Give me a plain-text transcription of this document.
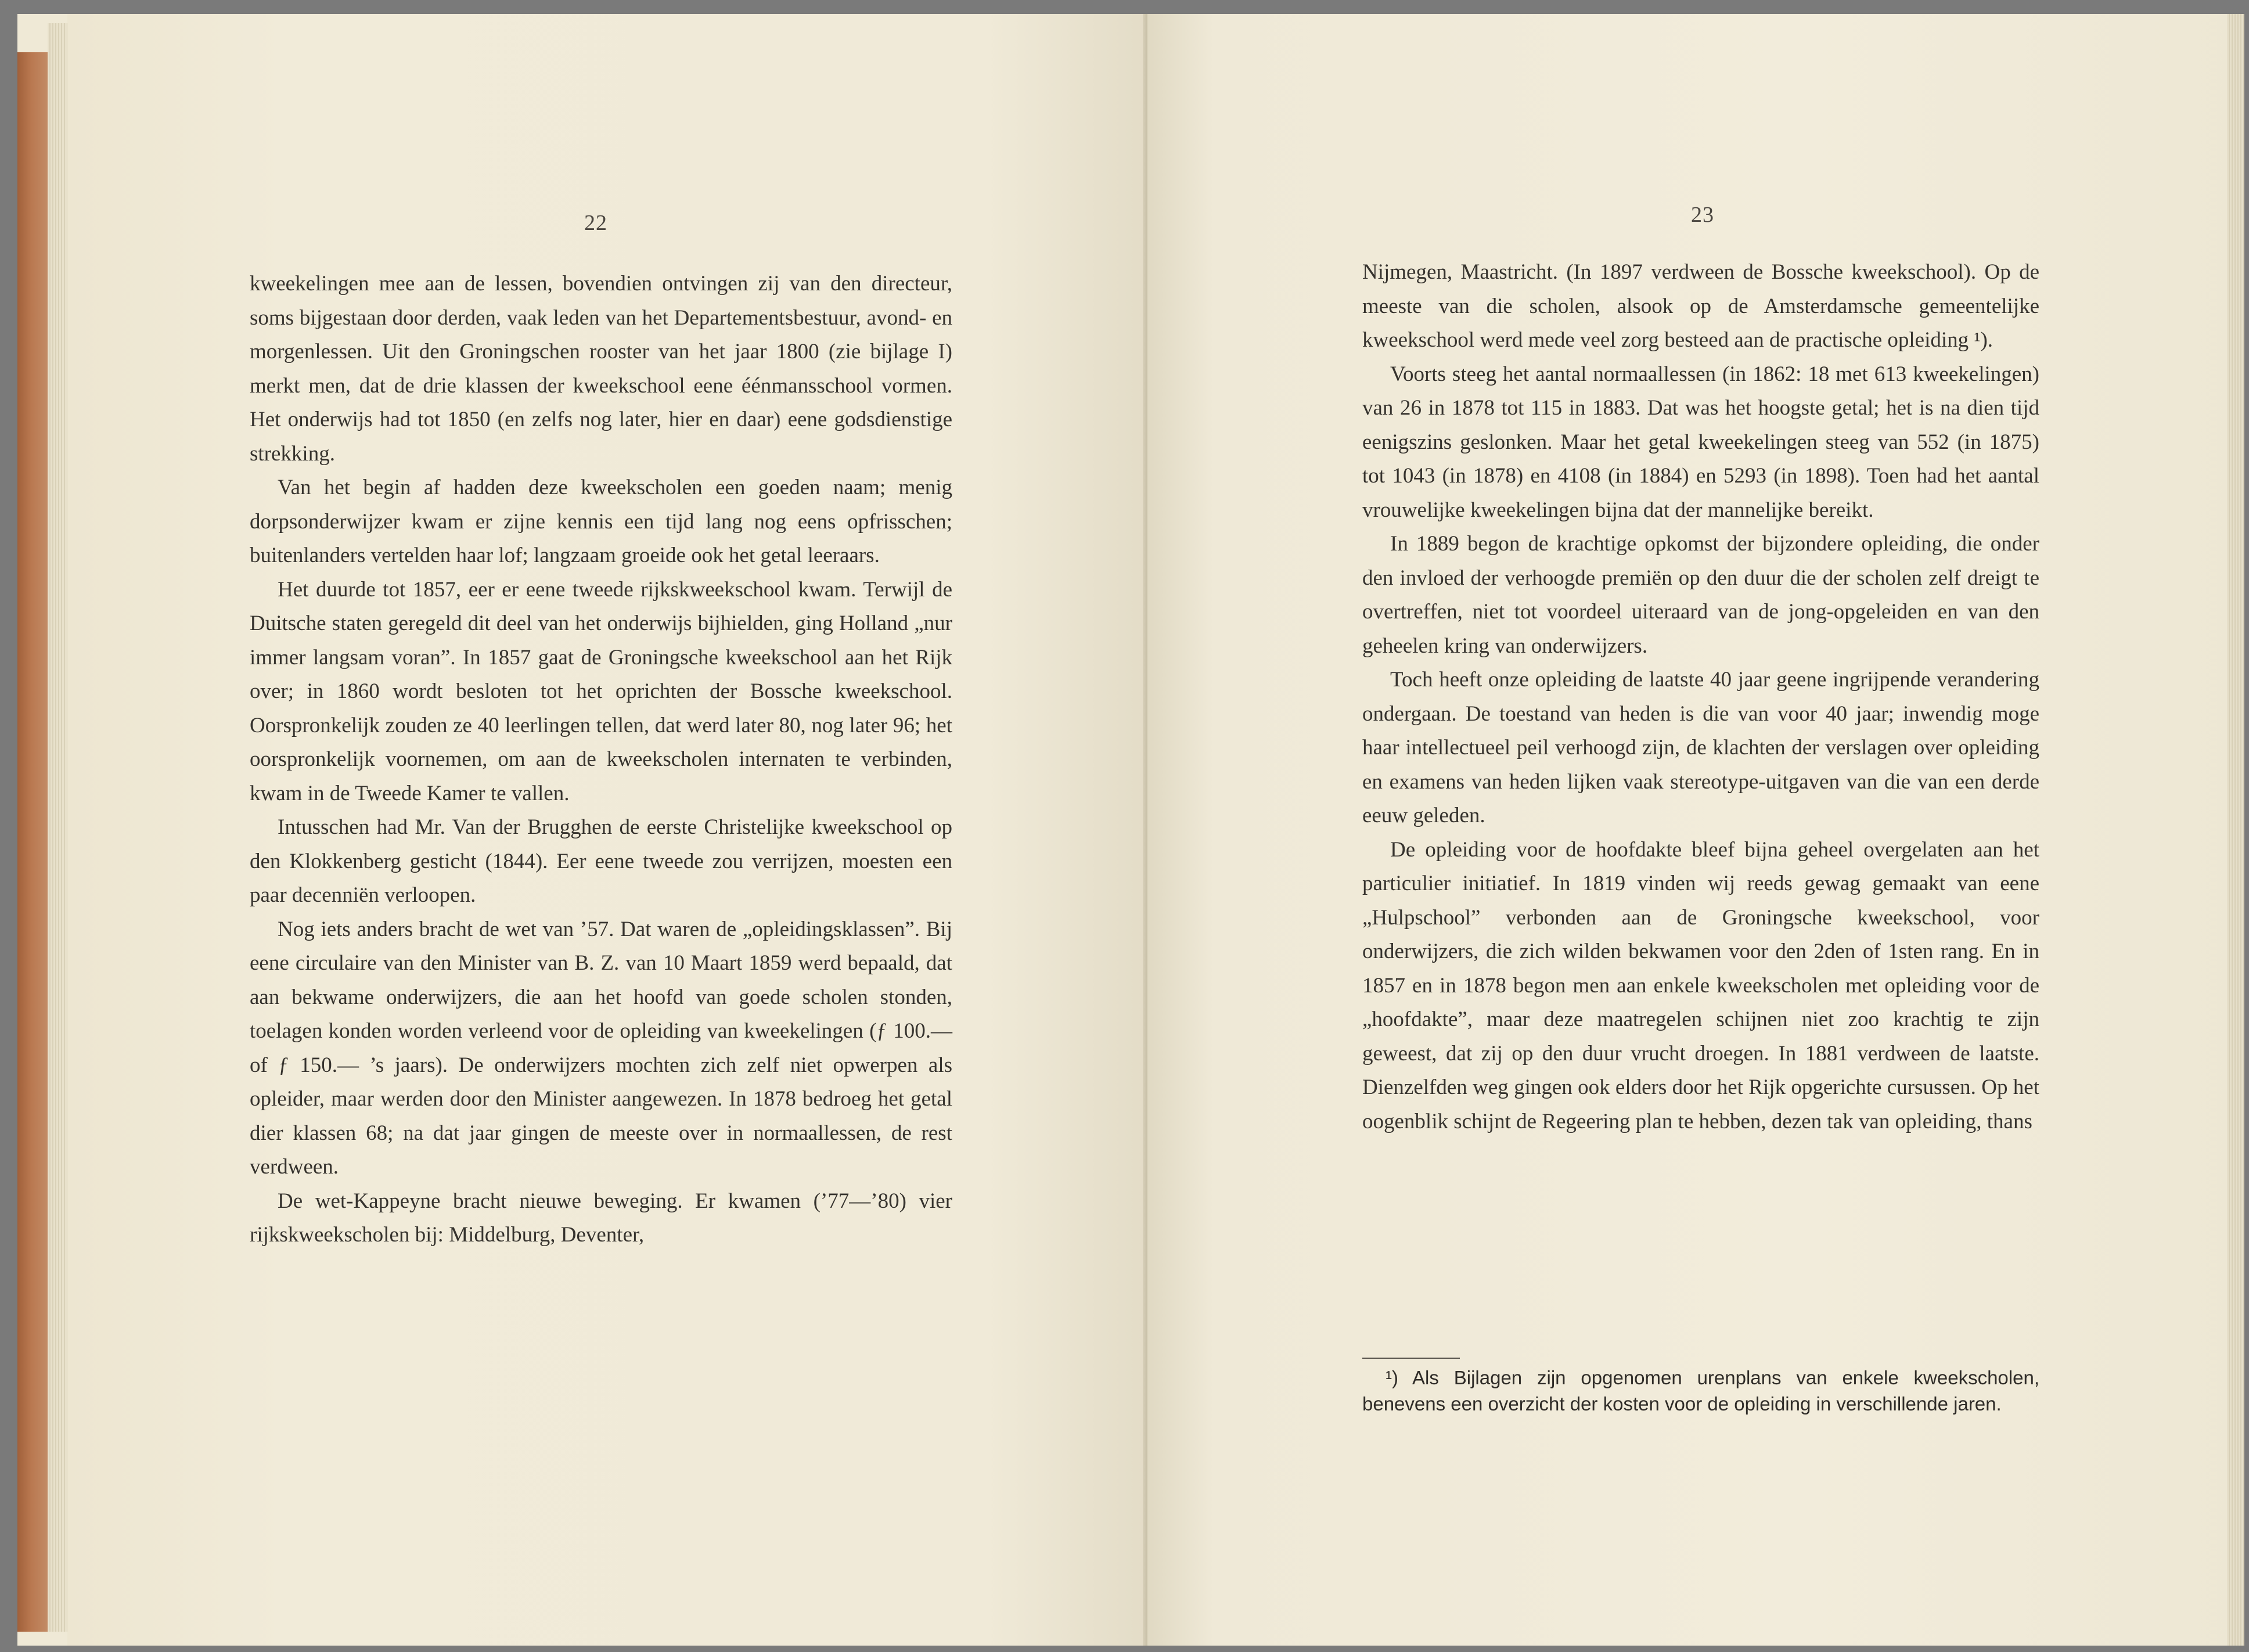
22

kweekelingen mee aan de lessen, bovendien ontvingen zij van den directeur, soms bijgestaan door derden, vaak leden van het Departementsbestuur, avond- en morgenlessen. Uit den Groningschen rooster van het jaar 1800 (zie bijlage I) merkt men, dat de drie klassen der kweekschool eene éénmansschool vormen. Het onderwijs had tot 1850 (en zelfs nog later, hier en daar) eene godsdienstige strekking.

Van het begin af hadden deze kweekscholen een goeden naam; menig dorpsonderwijzer kwam er zijne kennis een tijd lang nog eens opfrisschen; buitenlanders vertelden haar lof; langzaam groeide ook het getal leeraars.

Het duurde tot 1857, eer er eene tweede rijkskweekschool kwam. Terwijl de Duitsche staten geregeld dit deel van het onderwijs bijhielden, ging Holland „nur immer langsam voran”. In 1857 gaat de Groningsche kweekschool aan het Rijk over; in 1860 wordt besloten tot het oprichten der Bossche kweekschool. Oorspronkelijk zouden ze 40 leerlingen tellen, dat werd later 80, nog later 96; het oorspronkelijk voornemen, om aan de kweekscholen internaten te verbinden, kwam in de Tweede Kamer te vallen.

Intusschen had Mr. Van der Brugghen de eerste Christelijke kweekschool op den Klokkenberg gesticht (1844). Eer eene tweede zou verrijzen, moesten een paar decenniën verloopen.

Nog iets anders bracht de wet van ’57. Dat waren de „opleidingsklassen”. Bij eene circulaire van den Minister van B. Z. van 10 Maart 1859 werd bepaald, dat aan bekwame onderwijzers, die aan het hoofd van goede scholen stonden, toelagen konden worden verleend voor de opleiding van kweekelingen (ƒ 100.— of ƒ 150.— ’s jaars). De onderwijzers mochten zich zelf niet opwerpen als opleider, maar werden door den Minister aangewezen. In 1878 bedroeg het getal dier klassen 68; na dat jaar gingen de meeste over in normaallessen, de rest verdween.

De wet-Kappeyne bracht nieuwe beweging. Er kwamen (’77—’80) vier rijkskweekscholen bij: Middelburg, Deventer,

23

Nijmegen, Maastricht. (In 1897 verdween de Bossche kweekschool). Op de meeste van die scholen, alsook op de Amsterdamsche gemeentelijke kweekschool werd mede veel zorg besteed aan de practische opleiding ¹).

Voorts steeg het aantal normaallessen (in 1862: 18 met 613 kweekelingen) van 26 in 1878 tot 115 in 1883. Dat was het hoogste getal; het is na dien tijd eenigszins geslonken. Maar het getal kweekelingen steeg van 552 (in 1875) tot 1043 (in 1878) en 4108 (in 1884) en 5293 (in 1898). Toen had het aantal vrouwelijke kweekelingen bijna dat der mannelijke bereikt.

In 1889 begon de krachtige opkomst der bijzondere opleiding, die onder den invloed der verhoogde premiën op den duur die der scholen zelf dreigt te overtreffen, niet tot voordeel uiteraard van de jong-opgeleiden en van den geheelen kring van onderwijzers.

Toch heeft onze opleiding de laatste 40 jaar geene ingrijpende verandering ondergaan. De toestand van heden is die van voor 40 jaar; inwendig moge haar intellectueel peil verhoogd zijn, de klachten der verslagen over opleiding en examens van heden lijken vaak stereotype-uitgaven van die van een derde eeuw geleden.

De opleiding voor de hoofdakte bleef bijna geheel overgelaten aan het particulier initiatief. In 1819 vinden wij reeds gewag gemaakt van eene „Hulpschool” verbonden aan de Groningsche kweekschool, voor onderwijzers, die zich wilden bekwamen voor den 2den of 1sten rang. En in 1857 en in 1878 begon men aan enkele kweekscholen met opleiding voor de „hoofdakte”, maar deze maatregelen schijnen niet zoo krachtig te zijn geweest, dat zij op den duur vrucht droegen. In 1881 verdween de laatste. Dienzelfden weg gingen ook elders door het Rijk opgerichte cursussen. Op het oogenblik schijnt de Regeering plan te hebben, dezen tak van opleiding, thans

¹) Als Bijlagen zijn opgenomen urenplans van enkele kweekscholen, benevens een overzicht der kosten voor de opleiding in verschillende jaren.
